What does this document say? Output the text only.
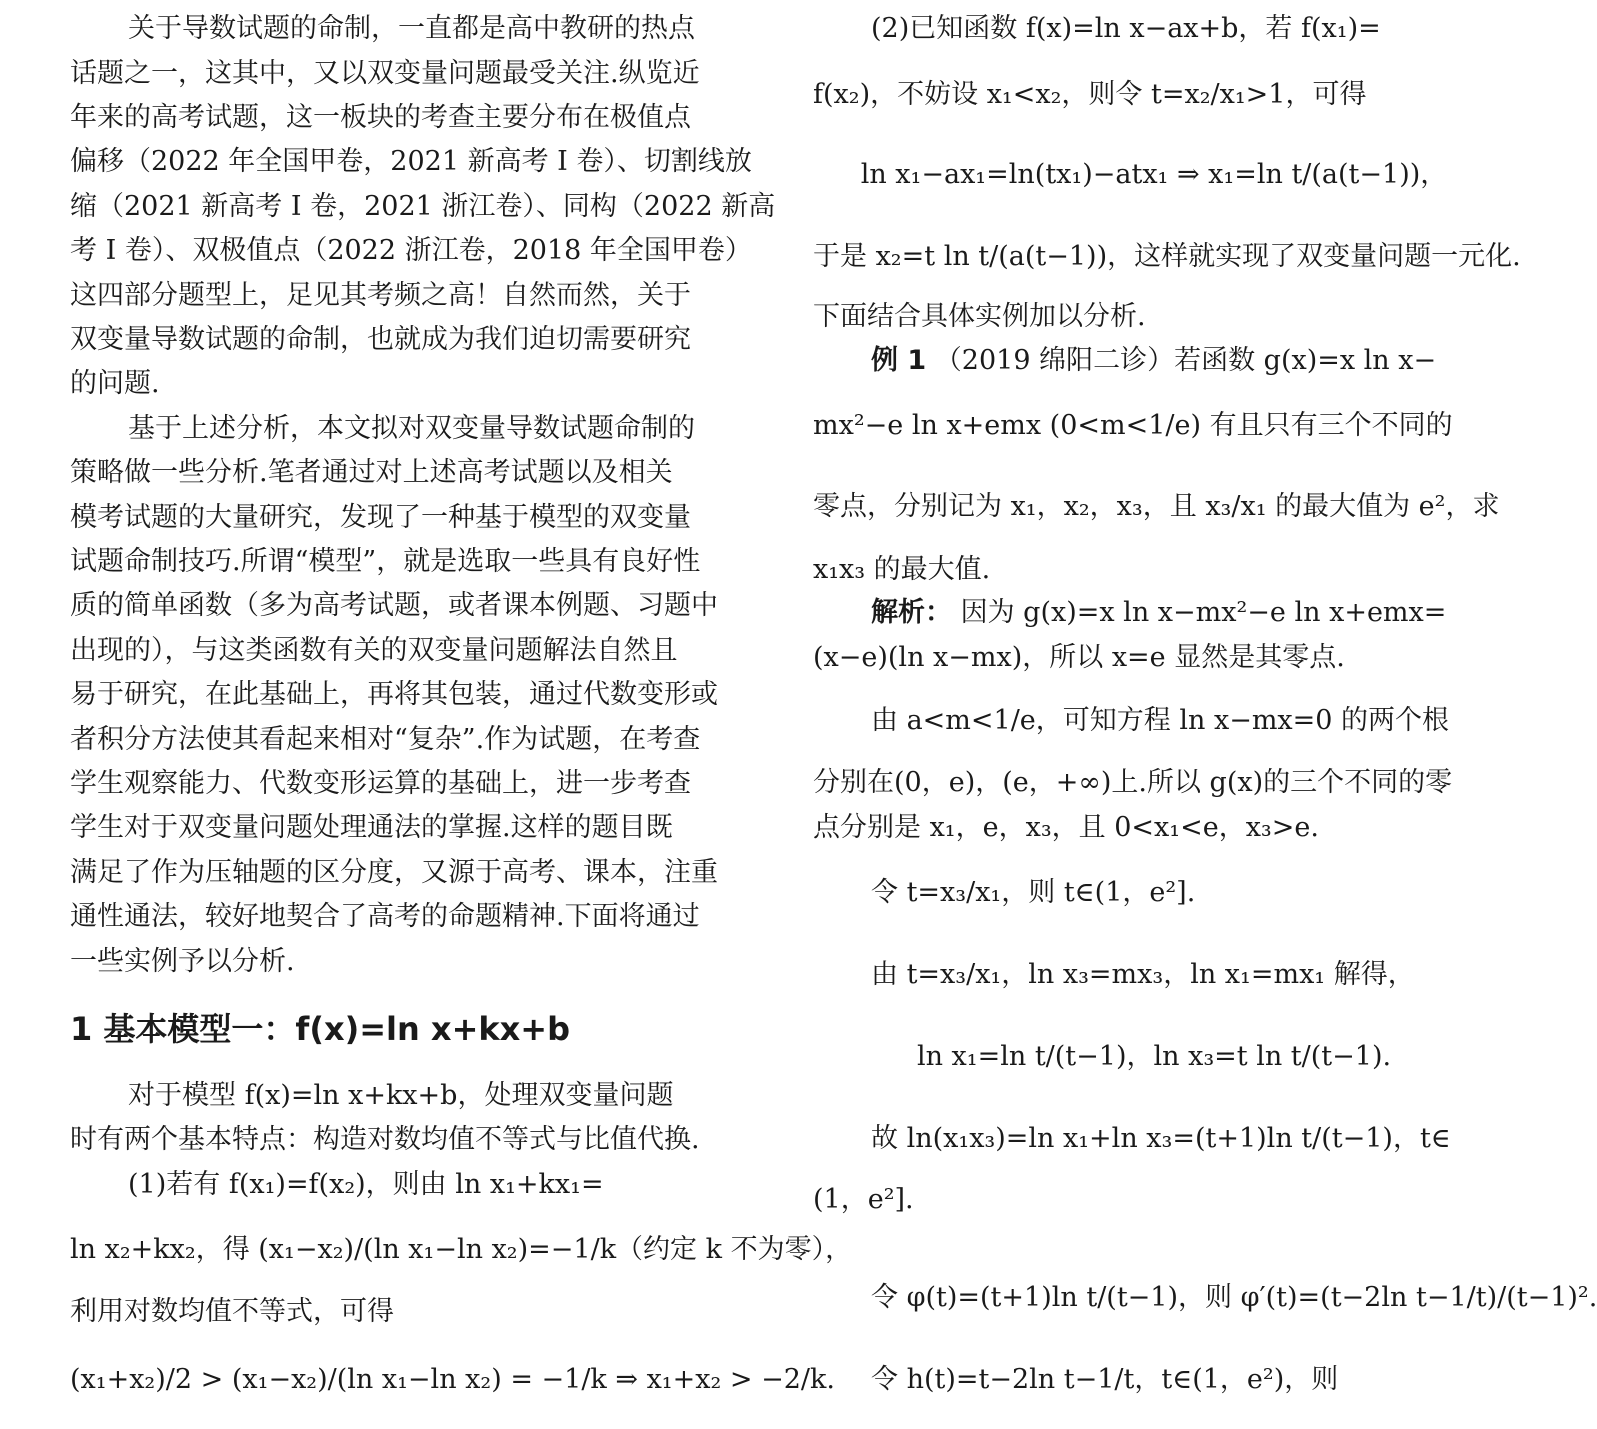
关于导数试题的命制，一直都是高中教研的热点
话题之一，这其中，又以双变量问题最受关注.纵览近
年来的高考试题，这一板块的考查主要分布在极值点
偏移（2022 年全国甲卷，2021 新高考 Ⅰ 卷）、切割线放
缩（2021 新高考 Ⅰ 卷，2021 浙江卷）、同构（2022 新高
考 Ⅰ 卷）、双极值点（2022 浙江卷，2018 年全国甲卷）
这四部分题型上，足见其考频之高！自然而然，关于
双变量导数试题的命制，也就成为我们迫切需要研究
的问题.
基于上述分析，本文拟对双变量导数试题命制的
策略做一些分析.笔者通过对上述高考试题以及相关
模考试题的大量研究，发现了一种基于模型的双变量
试题命制技巧.所谓“模型”，就是选取一些具有良好性
质的简单函数（多为高考试题，或者课本例题、习题中
出现的），与这类函数有关的双变量问题解法自然且
易于研究，在此基础上，再将其包装，通过代数变形或
者积分方法使其看起来相对“复杂”.作为试题，在考查
学生观察能力、代数变形运算的基础上，进一步考查
学生对于双变量问题处理通法的掌握.这样的题目既
满足了作为压轴题的区分度，又源于高考、课本，注重
通性通法，较好地契合了高考的命题精神.下面将通过
一些实例予以分析.
1 基本模型一：f(x)=ln x+kx+b
对于模型 f(x)=ln x+kx+b，处理双变量问题
时有两个基本特点：构造对数均值不等式与比值代换.
(1)若有 f(x₁)=f(x₂)，则由 ln x₁+kx₁=
ln x₂+kx₂，得 (x₁−x₂)/(ln x₁−ln x₂)=−1/k（约定 k 不为零），
利用对数均值不等式，可得
(x₁+x₂)/2 > (x₁−x₂)/(ln x₁−ln x₂) = −1/k ⇒ x₁+x₂ > −2/k.
(2)已知函数 f(x)=ln x−ax+b，若 f(x₁)=
f(x₂)，不妨设 x₁<x₂，则令 t=x₂/x₁>1，可得
ln x₁−ax₁=ln(tx₁)−atx₁ ⇒ x₁=ln t/(a(t−1))，
于是 x₂=t ln t/(a(t−1))，这样就实现了双变量问题一元化.
下面结合具体实例加以分析.
例 1 （2019 绵阳二诊）若函数 g(x)=x ln x−
mx²−e ln x+emx (0<m<1/e) 有且只有三个不同的
零点，分别记为 x₁，x₂，x₃，且 x₃/x₁ 的最大值为 e²，求
x₁x₃ 的最大值.
解析： 因为 g(x)=x ln x−mx²−e ln x+emx=
(x−e)(ln x−mx)，所以 x=e 显然是其零点.
由 a<m<1/e，可知方程 ln x−mx=0 的两个根
分别在(0，e)，(e，+∞)上.所以 g(x)的三个不同的零
点分别是 x₁，e，x₃，且 0<x₁<e，x₃>e.
令 t=x₃/x₁，则 t∈(1，e²].
由 t=x₃/x₁，ln x₃=mx₃，ln x₁=mx₁ 解得，
ln x₁=ln t/(t−1)，ln x₃=t ln t/(t−1).
故 ln(x₁x₃)=ln x₁+ln x₃=(t+1)ln t/(t−1)，t∈
(1，e²].
令 φ(t)=(t+1)ln t/(t−1)，则 φ′(t)=(t−2ln t−1/t)/(t−1)².
令 h(t)=t−2ln t−1/t，t∈(1，e²)，则
